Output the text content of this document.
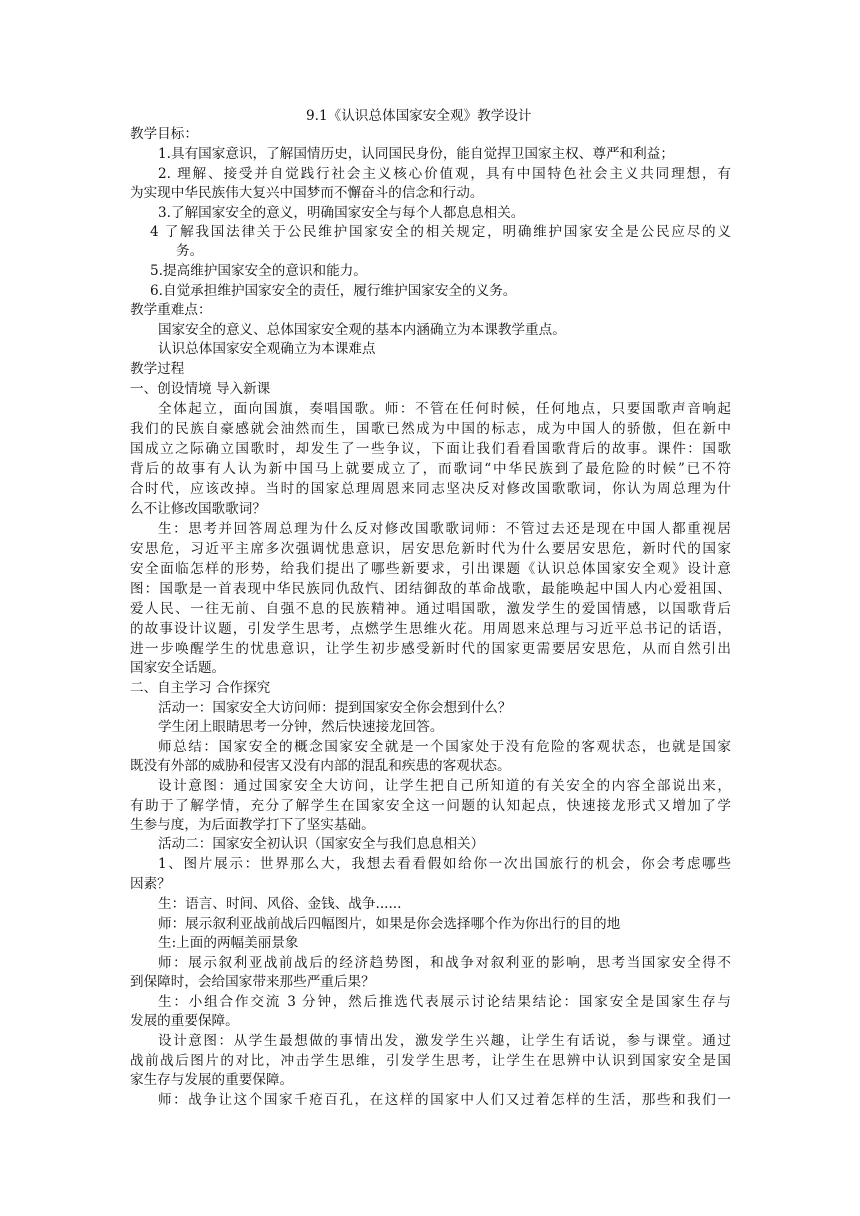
9.1《认识总体国家安全观》教学设计
教学目标：
1.具有国家意识，了解国情历史，认同国民身份，能自觉捍卫国家主权、尊严和利益；
2. 理解、接受并自觉践行社会主义核心价值观，具有中国特色社会主义共同理想，有
为实现中华民族伟大复兴中国梦而不懈奋斗的信念和行动。
3.了解国家安全的意义，明确国家安全与每个人都息息相关。
4 了解我国法律关于公民维护国家安全的相关规定，明确维护国家安全是公民应尽的义
务。
5.提高维护国家安全的意识和能力。
6.自觉承担维护国家安全的责任，履行维护国家安全的义务。
教学重难点：
国家安全的意义、总体国家安全观的基本内涵确立为本课教学重点。
认识总体国家安全观确立为本课难点
教学过程
一、创设情境 导入新课
全体起立，面向国旗，奏唱国歌。师：不管在任何时候，任何地点，只要国歌声音响起
我们的民族自豪感就会油然而生，国歌已然成为中国的标志，成为中国人的骄傲，但在新中
国成立之际确立国歌时，却发生了一些争议，下面让我们看看国歌背后的故事。课件：国歌
背后的故事有人认为新中国马上就要成立了，而歌词“中华民族到了最危险的时候”已不符
合时代，应该改掉。当时的国家总理周恩来同志坚决反对修改国歌歌词，你认为周总理为什
么不让修改国歌歌词？
生：思考并回答周总理为什么反对修改国歌歌词师：不管过去还是现在中国人都重视居
安思危，习近平主席多次强调忧患意识，居安思危新时代为什么要居安思危，新时代的国家
安全面临怎样的形势，给我们提出了哪些新要求，引出课题《认识总体国家安全观》设计意
图：国歌是一首表现中华民族同仇敌忾、团结御敌的革命战歌，最能唤起中国人内心爱祖国、
爱人民、一往无前、自强不息的民族精神。通过唱国歌，激发学生的爱国情感，以国歌背后
的故事设计议题，引发学生思考，点燃学生思维火花。用周恩来总理与习近平总书记的话语，
进一步唤醒学生的忧患意识，让学生初步感受新时代的国家更需要居安思危，从而自然引出
国家安全话题。
二、自主学习 合作探究
活动一：国家安全大访问师：提到国家安全你会想到什么？
学生闭上眼睛思考一分钟，然后快速接龙回答。
师总结：国家安全的概念国家安全就是一个国家处于没有危险的客观状态，也就是国家
既没有外部的威胁和侵害又没有内部的混乱和疾患的客观状态。
设计意图：通过国家安全大访问，让学生把自己所知道的有关安全的内容全部说出来，
有助于了解学情，充分了解学生在国家安全这一问题的认知起点，快速接龙形式又增加了学
生参与度，为后面教学打下了坚实基础。
活动二：国家安全初认识（国家安全与我们息息相关）
1、图片展示：世界那么大，我想去看看假如给你一次出国旅行的机会，你会考虑哪些
因素？
生：语言、时间、风俗、金钱、战争......
师：展示叙利亚战前战后四幅图片，如果是你会选择哪个作为你出行的目的地
生:上面的两幅美丽景象
师：展示叙利亚战前战后的经济趋势图，和战争对叙利亚的影响，思考当国家安全得不
到保障时，会给国家带来那些严重后果？
生：小组合作交流 3 分钟，然后推选代表展示讨论结果结论：国家安全是国家生存与
发展的重要保障。
设计意图：从学生最想做的事情出发，激发学生兴趣，让学生有话说，参与课堂。通过
战前战后图片的对比，冲击学生思维，引发学生思考，让学生在思辨中认识到国家安全是国
家生存与发展的重要保障。
师：战争让这个国家千疮百孔，在这样的国家中人们又过着怎样的生活，那些和我们一
